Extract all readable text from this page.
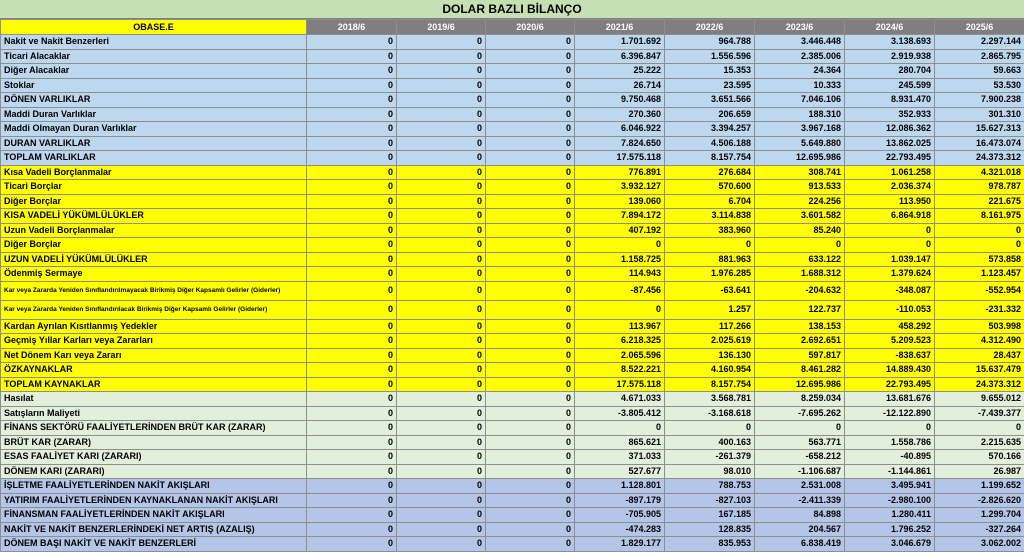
DOLAR BAZLI BİLANÇO
OBASE.E	2018/6	2019/6	2020/6	2021/6	2022/6	2023/6	2024/6	2025/6
Nakit ve Nakit Benzerleri	0	0	0	1.701.692	964.788	3.446.448	3.138.693	2.297.144
Ticari Alacaklar	0	0	0	6.396.847	1.556.596	2.385.006	2.919.938	2.865.795
Diğer Alacaklar	0	0	0	25.222	15.353	24.364	280.704	59.663
Stoklar	0	0	0	26.714	23.595	10.333	245.599	53.530
DÖNEN VARLIKLAR	0	0	0	9.750.468	3.651.566	7.046.106	8.931.470	7.900.238
Maddi Duran Varlıklar	0	0	0	270.360	206.659	188.310	352.933	301.310
Maddi Olmayan Duran Varlıklar	0	0	0	6.046.922	3.394.257	3.967.168	12.086.362	15.627.313
DURAN VARLIKLAR	0	0	0	7.824.650	4.506.188	5.649.880	13.862.025	16.473.074
TOPLAM VARLIKLAR	0	0	0	17.575.118	8.157.754	12.695.986	22.793.495	24.373.312
Kısa Vadeli Borçlanmalar	0	0	0	776.891	276.684	308.741	1.061.258	4.321.018
Ticari Borçlar	0	0	0	3.932.127	570.600	913.533	2.036.374	978.787
Diğer Borçlar	0	0	0	139.060	6.704	224.256	113.950	221.675
KISA VADELİ YÜKÜMLÜLÜKLER	0	0	0	7.894.172	3.114.838	3.601.582	6.864.918	8.161.975
Uzun Vadeli Borçlanmalar	0	0	0	407.192	383.960	85.240	0	0
Diğer Borçlar	0	0	0	0	0	0	0	0
UZUN VADELİ YÜKÜMLÜLÜKLER	0	0	0	1.158.725	881.963	633.122	1.039.147	573.858
Ödenmiş Sermaye	0	0	0	114.943	1.976.285	1.688.312	1.379.624	1.123.457
Kar veya Zararda Yeniden Sınıflandırılmayacak Birikmiş Diğer Kapsamlı Gelirler (Giderler)	0	0	0	-87.456	-63.641	-204.632	-348.087	-552.954
Kar veya Zararda Yeniden Sınıflandırılacak Birikmiş Diğer Kapsamlı Gelirler (Giderler)	0	0	0	0	1.257	122.737	-110.053	-231.332
Kardan Ayrılan Kısıtlanmış Yedekler	0	0	0	113.967	117.266	138.153	458.292	503.998
Geçmiş Yıllar Karları veya Zararları	0	0	0	6.218.325	2.025.619	2.692.651	5.209.523	4.312.490
Net Dönem Karı veya Zararı	0	0	0	2.065.596	136.130	597.817	-838.637	28.437
ÖZKAYNAKLAR	0	0	0	8.522.221	4.160.954	8.461.282	14.889.430	15.637.479
TOPLAM KAYNAKLAR	0	0	0	17.575.118	8.157.754	12.695.986	22.793.495	24.373.312
Hasılat	0	0	0	4.671.033	3.568.781	8.259.034	13.681.676	9.655.012
Satışların Maliyeti	0	0	0	-3.805.412	-3.168.618	-7.695.262	-12.122.890	-7.439.377
FİNANS SEKTÖRÜ FAALİYETLERİNDEN BRÜT KAR (ZARAR)	0	0	0	0	0	0	0	0
BRÜT KAR (ZARAR)	0	0	0	865.621	400.163	563.771	1.558.786	2.215.635
ESAS FAALİYET KARI (ZARARI)	0	0	0	371.033	-261.379	-658.212	-40.895	570.166
DÖNEM KARI (ZARARI)	0	0	0	527.677	98.010	-1.106.687	-1.144.861	26.987
İŞLETME FAALİYETLERİNDEN NAKİT AKIŞLARI	0	0	0	1.128.801	788.753	2.531.008	3.495.941	1.199.652
YATIRIM FAALİYETLERİNDEN KAYNAKLANAN NAKİT AKIŞLARI	0	0	0	-897.179	-827.103	-2.411.339	-2.980.100	-2.826.620
FİNANSMAN FAALİYETLERİNDEN NAKİT AKIŞLARI	0	0	0	-705.905	167.185	84.898	1.280.411	1.299.704
NAKİT VE NAKİT BENZERLERİNDEKİ NET ARTIŞ (AZALIŞ)	0	0	0	-474.283	128.835	204.567	1.796.252	-327.264
DÖNEM BAŞI NAKİT VE NAKİT BENZERLERİ	0	0	0	1.829.177	835.953	6.838.419	3.046.679	3.062.002
